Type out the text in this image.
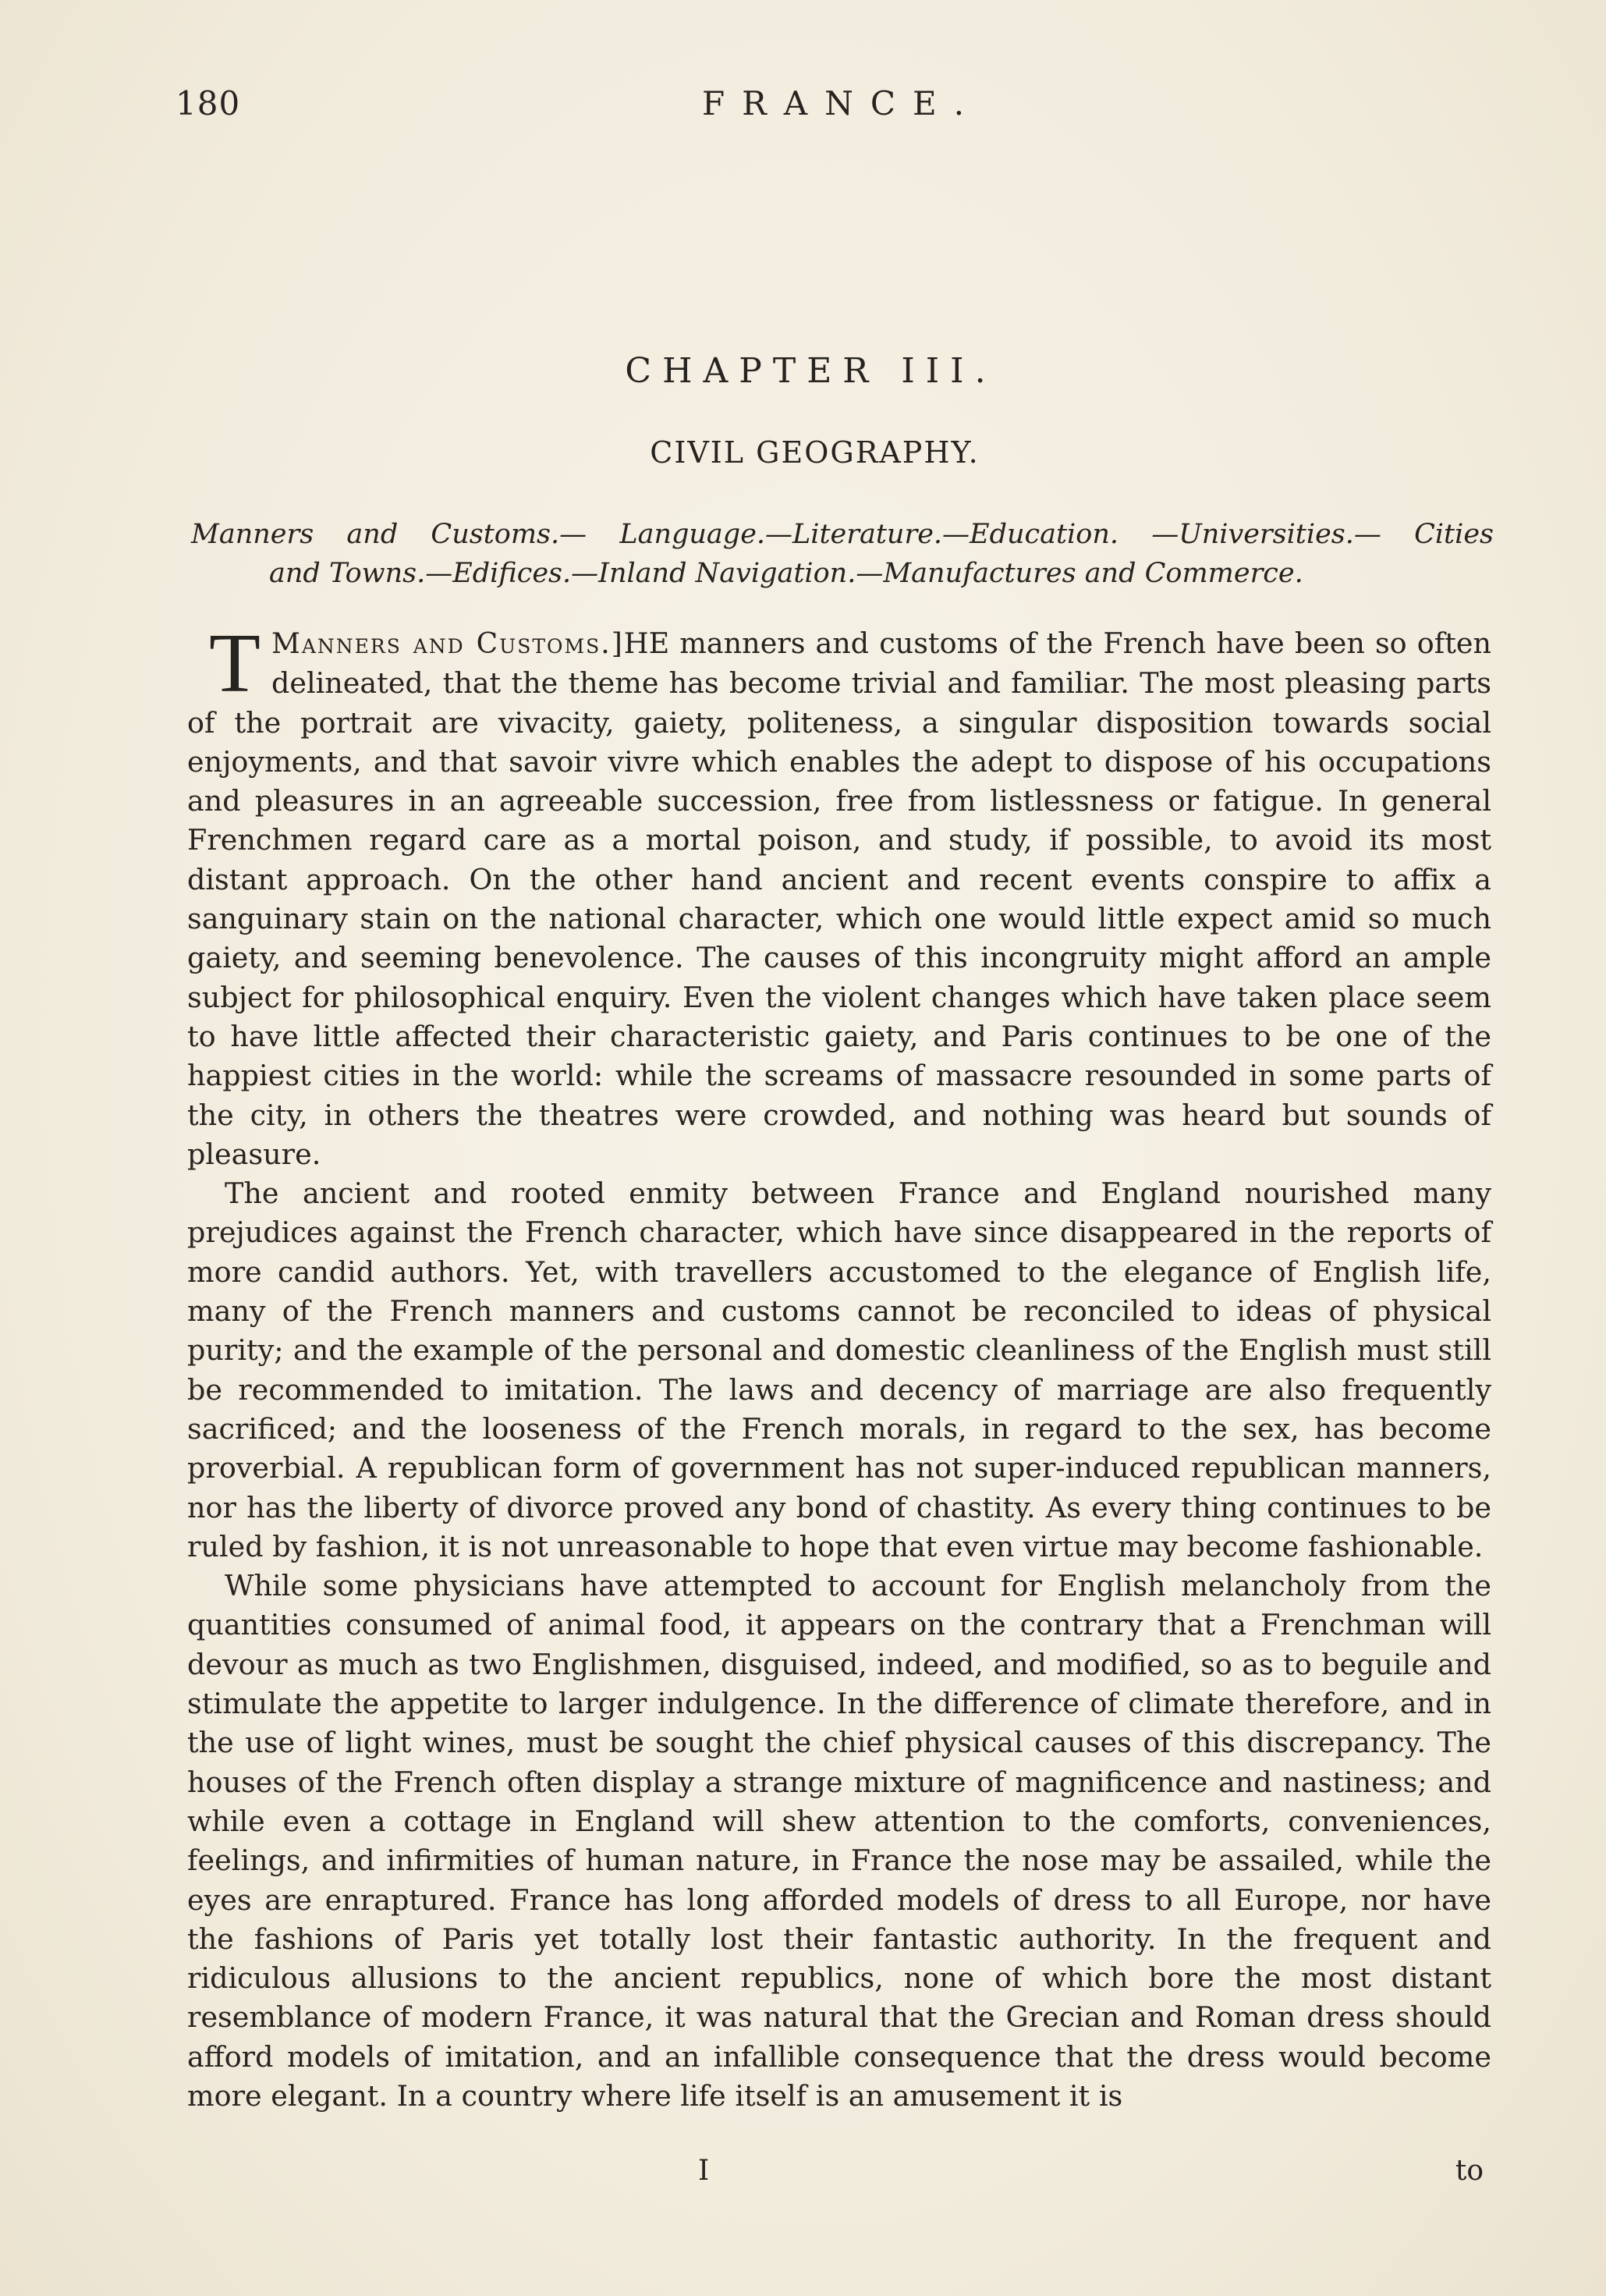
180	FRANCE.
CHAPTER III.
CIVIL GEOGRAPHY.
Manners and Customs.— Language.—Literature.—Education. —Universities.— Cities
and Towns.—Edifices.—Inland Navigation.—Manufactures and Commerce.

Manners and Customs.]
T	HE manners and customs of the French have been so often delineated, that the theme has become trivial and familiar. The most pleasing parts of the portrait are vivacity, gaiety, politeness, a singular disposition towards social enjoyments, and that savoir vivre which enables the adept to dispose of his occupations and pleasures in an agreeable succession, free from listlessness or fatigue. In general Frenchmen regard care as a mortal poison, and study, if possible, to avoid its most distant approach. On the other hand ancient and recent events conspire to affix a sanguinary stain on the national character, which one would little expect amid so much gaiety, and seeming benevolence. The causes of this incongruity might afford an ample subject for philosophical enquiry. Even the violent changes which have taken place seem to have little affected their characteristic gaiety, and Paris continues to be one of the happiest cities in the world: while the screams of massacre resounded in some parts of the city, in others the theatres were crowded, and nothing was heard but sounds of pleasure.

The ancient and rooted enmity between France and England nourished many prejudices against the French character, which have since disappeared in the reports of more candid authors. Yet, with travellers accustomed to the elegance of English life, many of the French manners and customs cannot be reconciled to ideas of physical purity; and the example of the personal and domestic cleanliness of the English must still be recommended to imitation. The laws and decency of marriage are also frequently sacrificed; and the looseness of the French morals, in regard to the sex, has become proverbial. A republican form of government has not super-induced republican manners, nor has the liberty of divorce proved any bond of chastity. As every thing continues to be ruled by fashion, it is not unreasonable to hope that even virtue may become fashionable.

While some physicians have attempted to account for English melancholy from the quantities consumed of animal food, it appears on the contrary that a Frenchman will devour as much as two Englishmen, disguised, indeed, and modified, so as to beguile and stimulate the appetite to larger indulgence. In the difference of climate therefore, and in the use of light wines, must be sought the chief physical causes of this discrepancy. The houses of the French often display a strange mixture of magnificence and nastiness; and while even a cottage in England will shew attention to the comforts, conveniences, feelings, and infirmities of human nature, in France the nose may be assailed, while the eyes are enraptured. France has long afforded models of dress to all Europe, nor have the fashions of Paris yet totally lost their fantastic authority. In the frequent and ridiculous allusions to the ancient republics, none of which bore the most distant resemblance of modern France, it was natural that the Grecian and Roman dress should afford models of imitation, and an infallible consequence that the dress would become more elegant. In a country where life itself is an amusement it is

I	to
